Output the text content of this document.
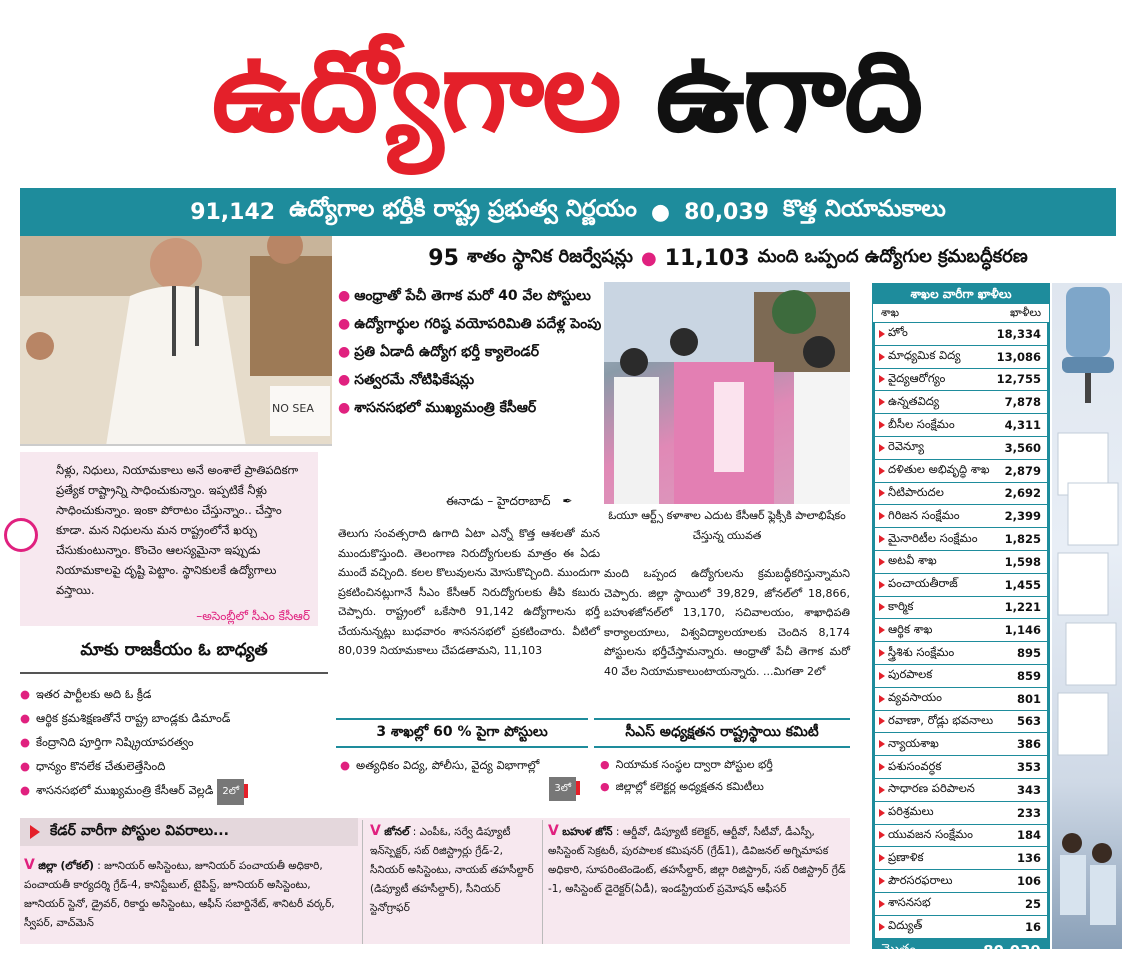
ఉద్యోగాల ఉగాది
91,142 ఉద్యోగాల భర్తీకి రాష్ట్ర ప్రభుత్వ నిర్ణయం ● 80,039 కొత్త నియామకాలు
95 శాతం స్థానిక రిజర్వేషన్లు ● 11,103 మంది ఒప్పంద ఉద్యోగుల క్రమబద్ధీకరణ
NO SEA
నీళ్లు, నిధులు, నియామకాలు అనే అంశాలే ప్రాతిపదికగా ప్రత్యేక రాష్ట్రాన్ని సాధించుకున్నాం. ఇప్పటికే నీళ్లు సాధించుకున్నాం. ఇంకా పోరాటం చేస్తున్నాం.. చేస్తాం కూడా. మన నిధులను మన రాష్ట్రంలోనే ఖర్చు చేసుకుంటున్నాం. కొంచెం ఆలస్యమైనా ఇప్పుడు నియామకాలపై దృష్టి పెట్టాం. స్థానికులకే ఉద్యోగాలు వస్తాయి.
–అసెంబ్లీలో సీఎం కేసీఆర్
మాకు రాజకీయం ఓ బాధ్యత
● ఇతర పార్టీలకు అది ఓ క్రీడ
● ఆర్థిక క్రమశిక్షణతోనే రాష్ట్ర బాండ్లకు డిమాండ్
● కేంద్రానిది పూర్తిగా నిష్క్రియాపరత్వం
● ధాన్యం కొనలేక చేతులెత్తేసింది
● శాసనసభలో ముఖ్యమంత్రి కేసీఆర్ వెల్లడి 2లో
● ఆంధ్రాతో పేచీ తెగాక మరో 40 వేల పోస్టులు
● ఉద్యోగార్థుల గరిష్ఠ వయోపరిమితి పదేళ్ల పెంపు
● ప్రతి ఏడాదీ ఉద్యోగ భర్తీ క్యాలెండర్
● సత్వరమే నోటిఫికేషన్లు
● శాసనసభలో ముఖ్యమంత్రి కేసీఆర్
ఓయూ ఆర్ట్స్ కళాశాల ఎదుట కేసీఆర్ ఫ్లెక్సీకి పాలాభిషేకం చేస్తున్న యువత
ఈనాడు – హైదరాబాద్ ✒
తెలుగు సంవత్సరాది ఉగాది ఏటా ఎన్నో కొత్త ఆశలతో మన ముందుకొస్తుంది. తెలంగాణ నిరుద్యోగులకు మాత్రం ఈ ఏడు ముందే వచ్చింది. కలల కొలువులను మోసుకొచ్చింది. ముందుగా ప్రకటించినట్లుగానే సీఎం కేసీఆర్ నిరుద్యోగులకు తీపి కబురు చెప్పారు. రాష్ట్రంలో ఒకేసారి 91,142 ఉద్యోగాలను భర్తీ చేయనున్నట్లు బుధవారం శాసనసభలో ప్రకటించారు. వీటిలో 80,039 నియామకాలు చేపడతామని, 11,103
మంది ఒప్పంద ఉద్యోగులను క్రమబద్ధీకరిస్తున్నామని చెప్పారు. జిల్లా స్థాయిలో 39,829, జోనల్‌లో 18,866, బహుళజోనల్‌లో 13,170, సచివాలయం, శాఖాధిపతి కార్యాలయాలు, విశ్వవిద్యాలయాలకు చెందిన 8,174 పోస్టులను భర్తీచేస్తామన్నారు. ఆంధ్రాతో పేచీ తెగాక మరో 40 వేల నియామకాలుంటాయన్నారు. ...మిగతా 2లో
3 శాఖల్లో 60 % పైగా పోస్టులు
● అత్యధికం విద్య, పోలీసు, వైద్య విభాగాల్లో
3లో
సీఎస్ అధ్యక్షతన రాష్ట్రస్థాయి కమిటీ
● నియామక సంస్థల ద్వారా పోస్టుల భర్తీ
● జిల్లాల్లో కలెక్టర్ల అధ్యక్షతన కమిటీలు
కేడర్ వారీగా పోస్టుల వివరాలు...
V జిల్లా (లోకల్) : జూనియర్ అసిస్టెంటు, జూనియర్ పంచాయతీ అధికారి, పంచాయతీ కార్యదర్శి గ్రేడ్-4, కానిస్టేబుల్, టైపిస్ట్, జూనియర్ అసిస్టెంటు, జూనియర్ స్టెనో, డ్రైవర్, రికార్డు అసిస్టెంటు, ఆఫీస్ సబార్డినేట్, శానిటరీ వర్కర్, స్వీపర్, వాచ్‌మెన్
V జోనల్ : ఎంపీఓ, సర్వే డిప్యూటీ ఇన్‌స్పెక్టర్, సబ్ రిజిస్ట్రార్లు గ్రేడ్-2, సీనియర్ అసిస్టెంటు, నాయబ్ తహసీల్దార్ (డిప్యూటీ తహసీల్దార్), సీనియర్ స్టెనోగ్రాఫర్
V బహుళ జోన్ : ఆర్డీవో, డిప్యూటీ కలెక్టర్, ఆర్టీవో, సీటీవో, డీఎస్పీ, అసిస్టెంట్ సెక్రటరీ, పురపాలక కమిషనర్ (గ్రేడ్1), డివిజనల్ అగ్నిమాపక అధికారి, సూపరింటెండెంట్, తహసీల్దార్, జిల్లా రిజిస్ట్రార్, సబ్ రిజిస్ట్రార్ గ్రేడ్ -1, అసిస్టెంట్ డైరెక్టర్(ఏడీ), ఇండస్ట్రియల్ ప్రమోషన్ ఆఫీసర్
శాఖల వారీగా ఖాళీలు
శాఖ	ఖాళీలు
హోం	18,334
మాధ్యమిక విద్య	13,086
వైద్యఆరోగ్యం	12,755
ఉన్నతవిద్య	7,878
బీసీల సంక్షేమం	4,311
రెవెన్యూ	3,560
దళితుల అభివృద్ధి శాఖ 2,879
నీటిపారుదల	2,692
గిరిజన సంక్షేమం	2,399
మైనారిటీల సంక్షేమం 1,825
అటవీ శాఖ	1,598
పంచాయతీరాజ్	1,455
కార్మిక	1,221
ఆర్థిక శాఖ	1,146
స్త్రీశిశు సంక్షేమం	895
పురపాలక	859
వ్యవసాయం	801
రవాణా, రోడ్లు భవనాలు 563
న్యాయశాఖ	386
పశుసంవర్ధక	353
సాధారణ పరిపాలన	343
పరిశ్రమలు	233
యువజన సంక్షేమం	184
ప్రణాళిక	136
పౌరసరఫరాలు	106
శాసనసభ	25
విద్యుత్	16
మొత్తం	80,039
